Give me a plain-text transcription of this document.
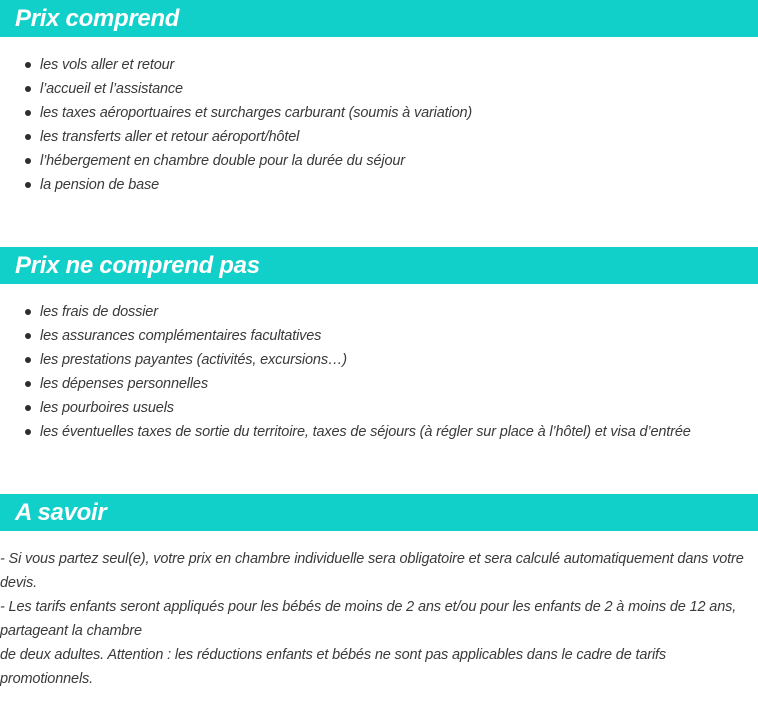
Prix comprend
les vols aller et retour
l’accueil et l’assistance
les taxes aéroportuaires et surcharges carburant (soumis à variation)
les transferts aller et retour aéroport/hôtel
l’hébergement en chambre double pour la durée du séjour
la pension de base
Prix ne comprend pas
les frais de dossier
les assurances complémentaires facultatives
les prestations payantes (activités, excursions…)
les dépenses personnelles
les pourboires usuels
les éventuelles taxes de sortie du territoire, taxes de séjours (à régler sur place à l’hôtel) et visa d’entrée
A savoir
- Si vous partez seul(e), votre prix en chambre individuelle sera obligatoire et sera calculé automatiquement dans votre
devis.
- Les tarifs enfants seront appliqués pour les bébés de moins de 2 ans et/ou pour les enfants de 2 à moins de 12 ans,
partageant la chambre
de deux adultes. Attention : les réductions enfants et bébés ne sont pas applicables dans le cadre de tarifs promotionnels.
